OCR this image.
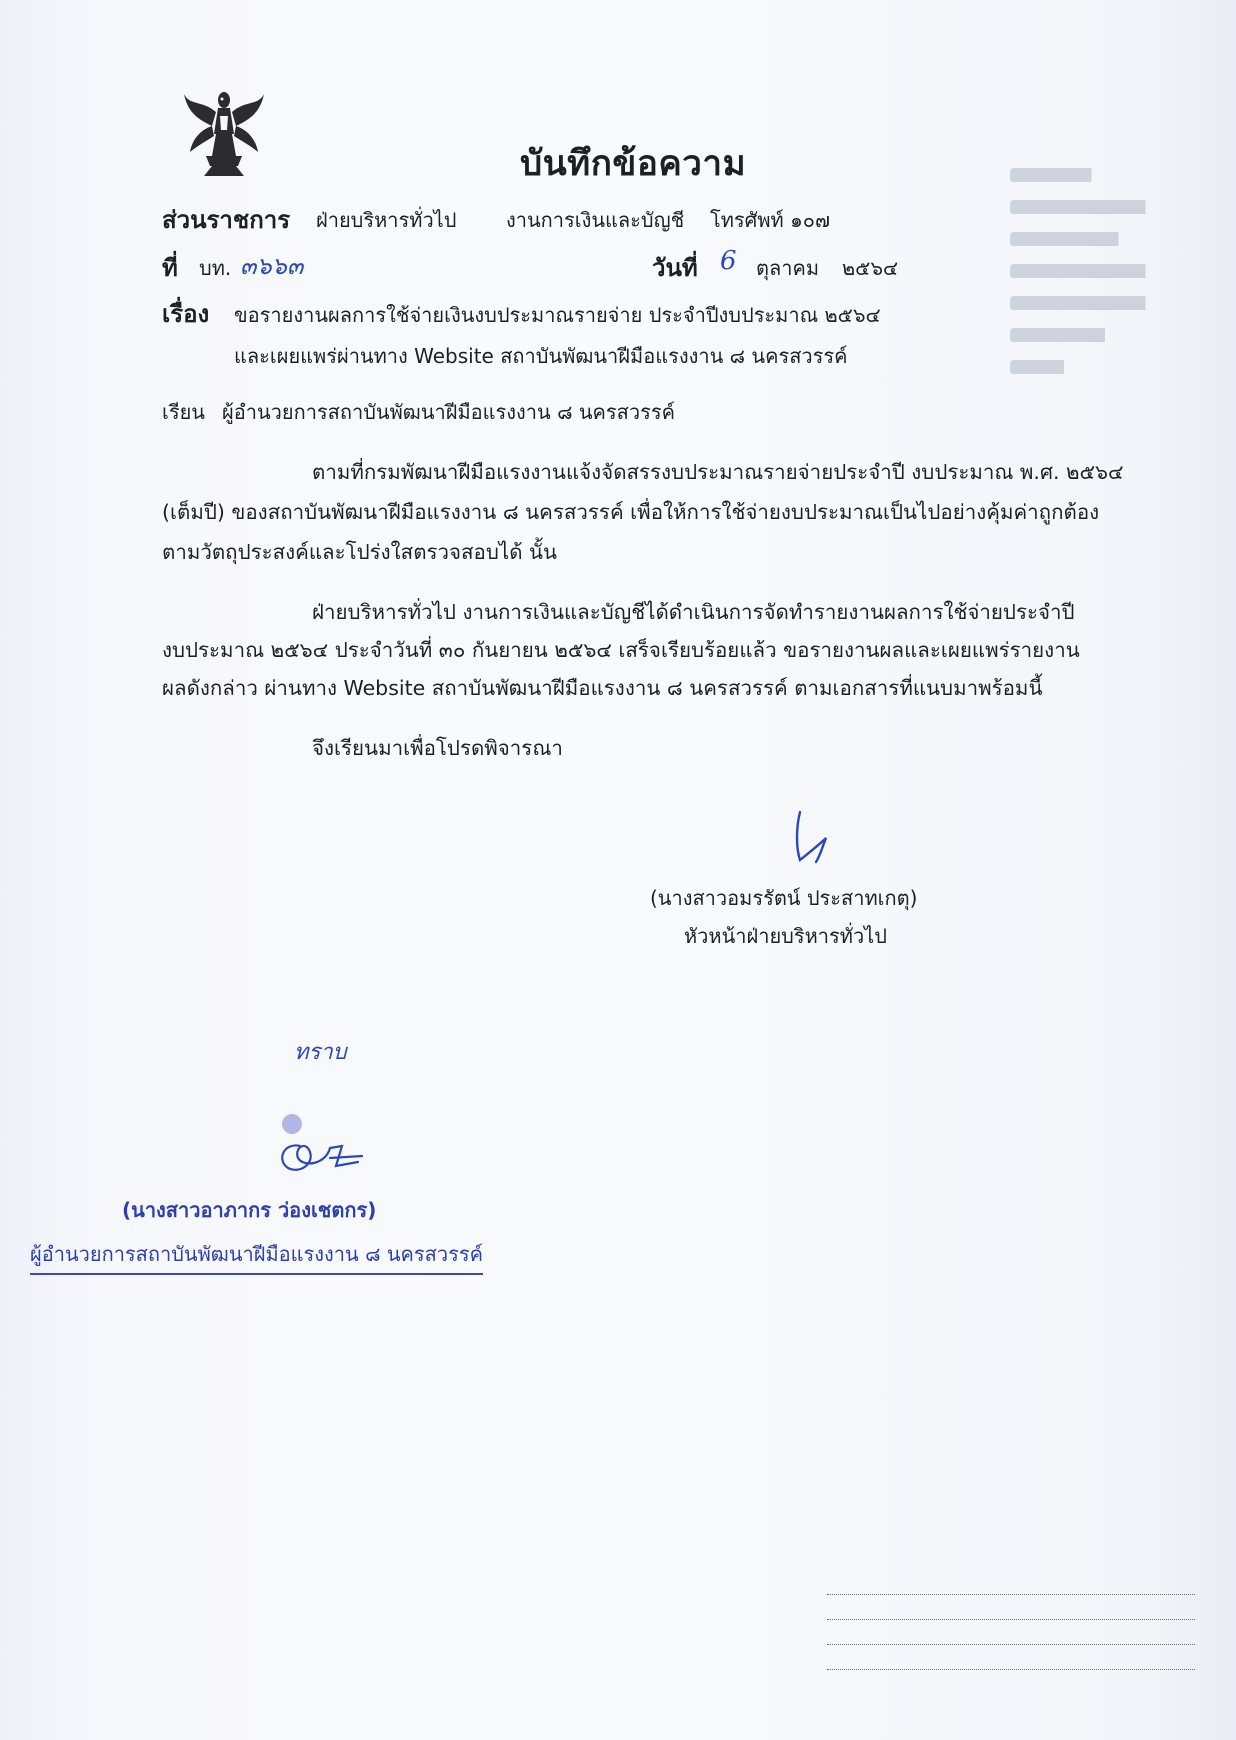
บันทึกข้อความ
ส่วนราชการ ฝ่ายบริหารทั่วไป งานการเงินและบัญชี โทรศัพท์ ๑๐๗
ที่ บท. ๓๖๖๓	วันที่ 6 ตุลาคม ๒๕๖๔
เรื่อง ขอรายงานผลการใช้จ่ายเงินงบประมาณรายจ่าย ประจำปีงบประมาณ ๒๕๖๔
และเผยแพร่ผ่านทาง Website สถาบันพัฒนาฝีมือแรงงาน ๘ นครสวรรค์
เรียน ผู้อำนวยการสถาบันพัฒนาฝีมือแรงงาน ๘ นครสวรรค์
ตามที่กรมพัฒนาฝีมือแรงงานแจ้งจัดสรรงบประมาณรายจ่ายประจำปี งบประมาณ พ.ศ. ๒๕๖๔
(เต็มปี) ของสถาบันพัฒนาฝีมือแรงงาน ๘ นครสวรรค์ เพื่อให้การใช้จ่ายงบประมาณเป็นไปอย่างคุ้มค่าถูกต้อง
ตามวัตถุประสงค์และโปร่งใสตรวจสอบได้ นั้น
ฝ่ายบริหารทั่วไป งานการเงินและบัญชีได้ดำเนินการจัดทำรายงานผลการใช้จ่ายประจำปี
งบประมาณ ๒๕๖๔ ประจำวันที่ ๓๐ กันยายน ๒๕๖๔ เสร็จเรียบร้อยแล้ว ขอรายงานผลและเผยแพร่รายงาน
ผลดังกล่าว ผ่านทาง Website สถาบันพัฒนาฝีมือแรงงาน ๘ นครสวรรค์ ตามเอกสารที่แนบมาพร้อมนี้
จึงเรียนมาเพื่อโปรดพิจารณา
(นางสาวอมรรัตน์ ประสาทเกตุ)
หัวหน้าฝ่ายบริหารทั่วไป
ทราบ
(นางสาวอาภากร ว่องเชตกร)
ผู้อำนวยการสถาบันพัฒนาฝีมือแรงงาน ๘ นครสวรรค์
